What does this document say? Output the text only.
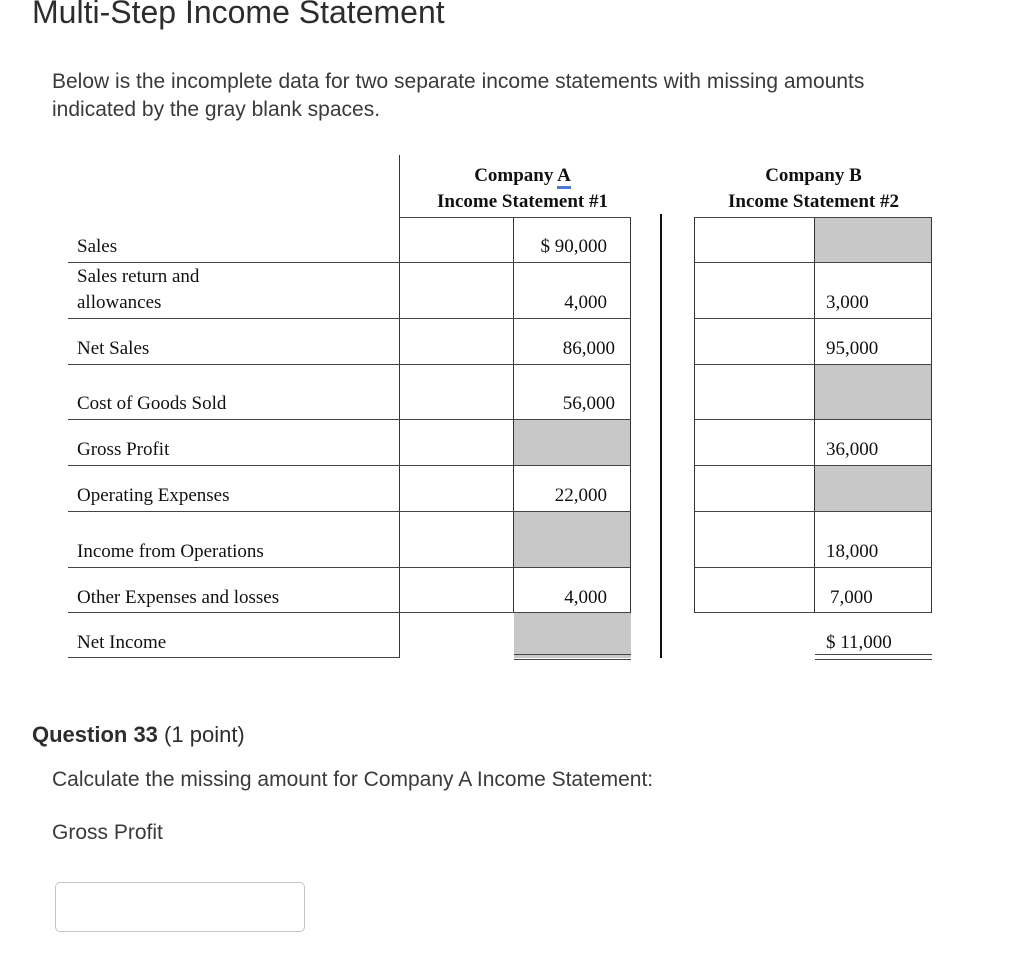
Multi-Step Income Statement
Below is the incomplete data for two separate income statements with missing amounts indicated by the gray blank spaces.
Company A
Income Statement #1
Company B
Income Statement #2
Sales
Sales return and
allowances
Net Sales
Cost of Goods Sold
Gross Profit
Operating Expenses
Income from Operations
Other Expenses and losses
Net Income
$ 90,000
4,000
86,000
56,000
22,000
4,000
3,000
95,000
36,000
18,000
7,000
$ 11,000
Question 33 (1 point)
Calculate the missing amount for Company A Income Statement:
Gross Profit
